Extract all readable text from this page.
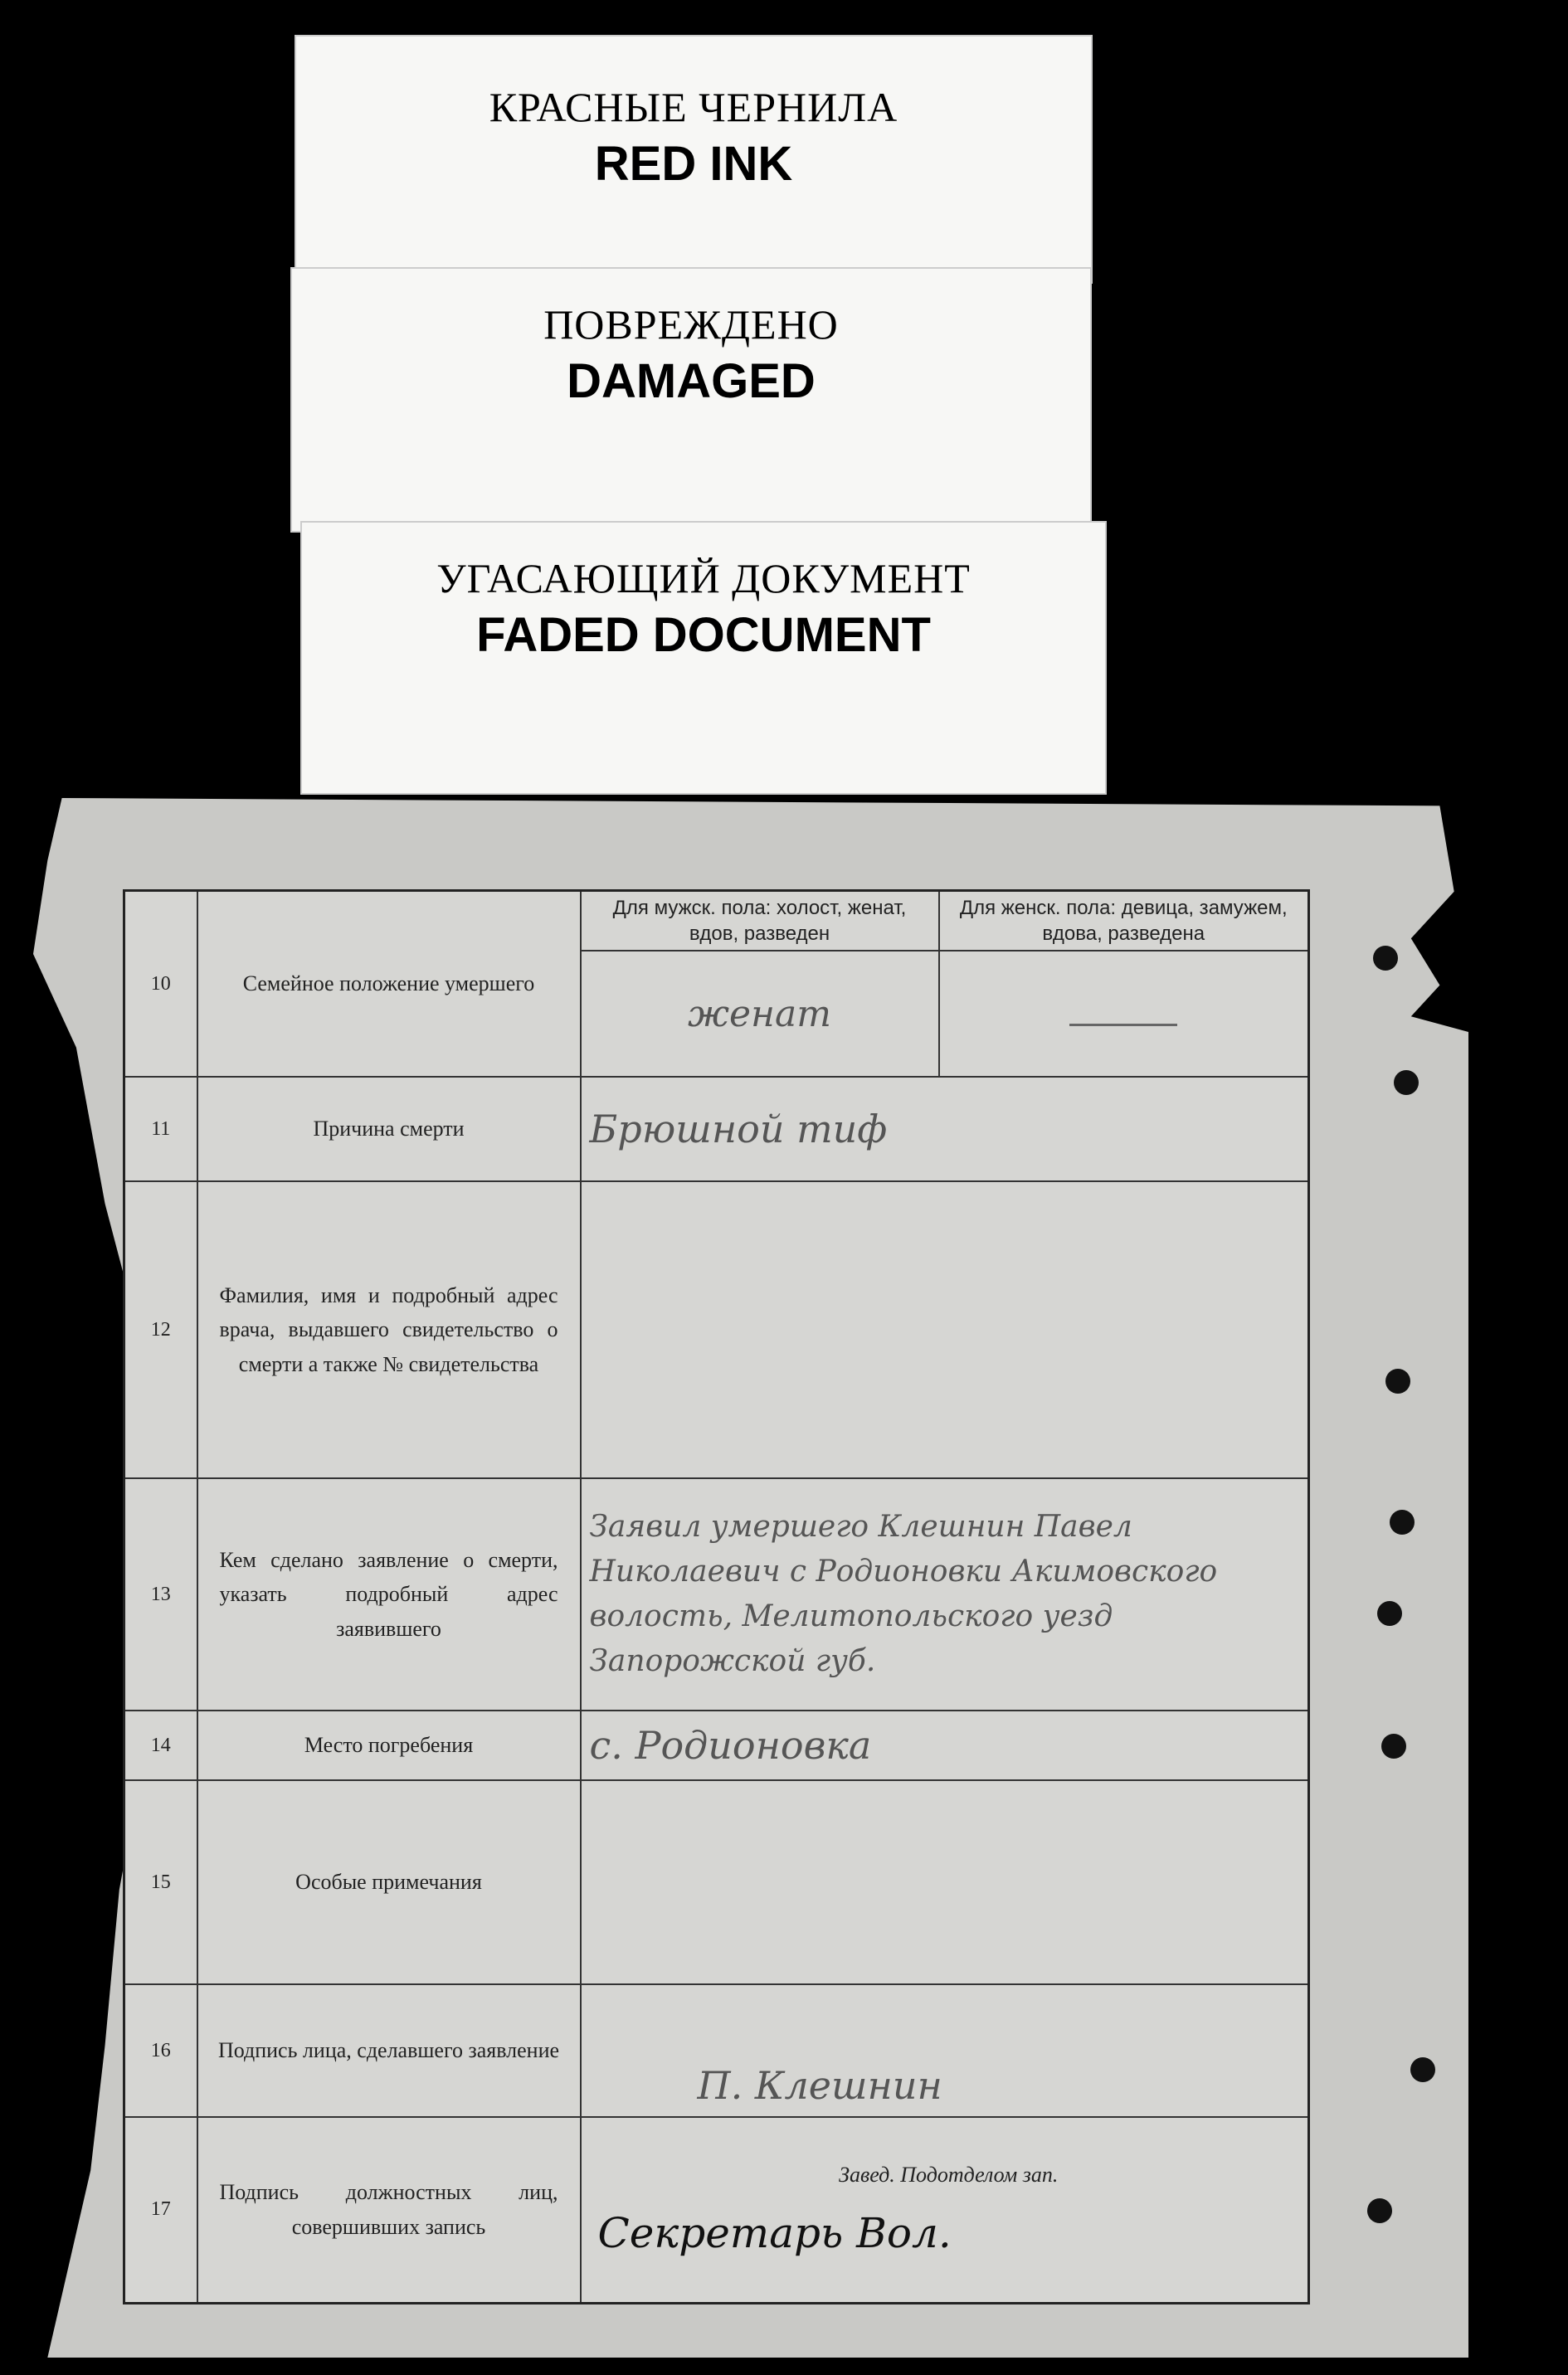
КРАСНЫЕ ЧЕРНИЛА
RED INK
ПОВРЕЖДЕНО
DAMAGED
УГАСАЮЩИЙ ДОКУМЕНТ
FADED DOCUMENT
10	Семейное положение умершего	Для мужск. пола: холост, женат, вдов, разведен	Для женск. пола: девица, замужем, вдова, разведена
		женат	
11	Причина смерти	Брюшной тиф	
12	Фамилия, имя и подробный адрес врача, выдавшего свидетельство о смерти а также № свидетельства		
13	Кем сделано заявление о смерти, указать подробный адрес заявившего	Заявил умершего Клешнин Павел Николаевич с Родионовки Акимовского волость, Мелитопольского уезд Запорожской губ.	
14	Место погребения	с. Родионовка	
15	Особые примечания		
16	Подпись лица, сделавшего заявление	П. Клешнин	
17	Подпись должностных лиц, совершивших запись	Завед. Подотделом зап.
Секретарь Вол.	
